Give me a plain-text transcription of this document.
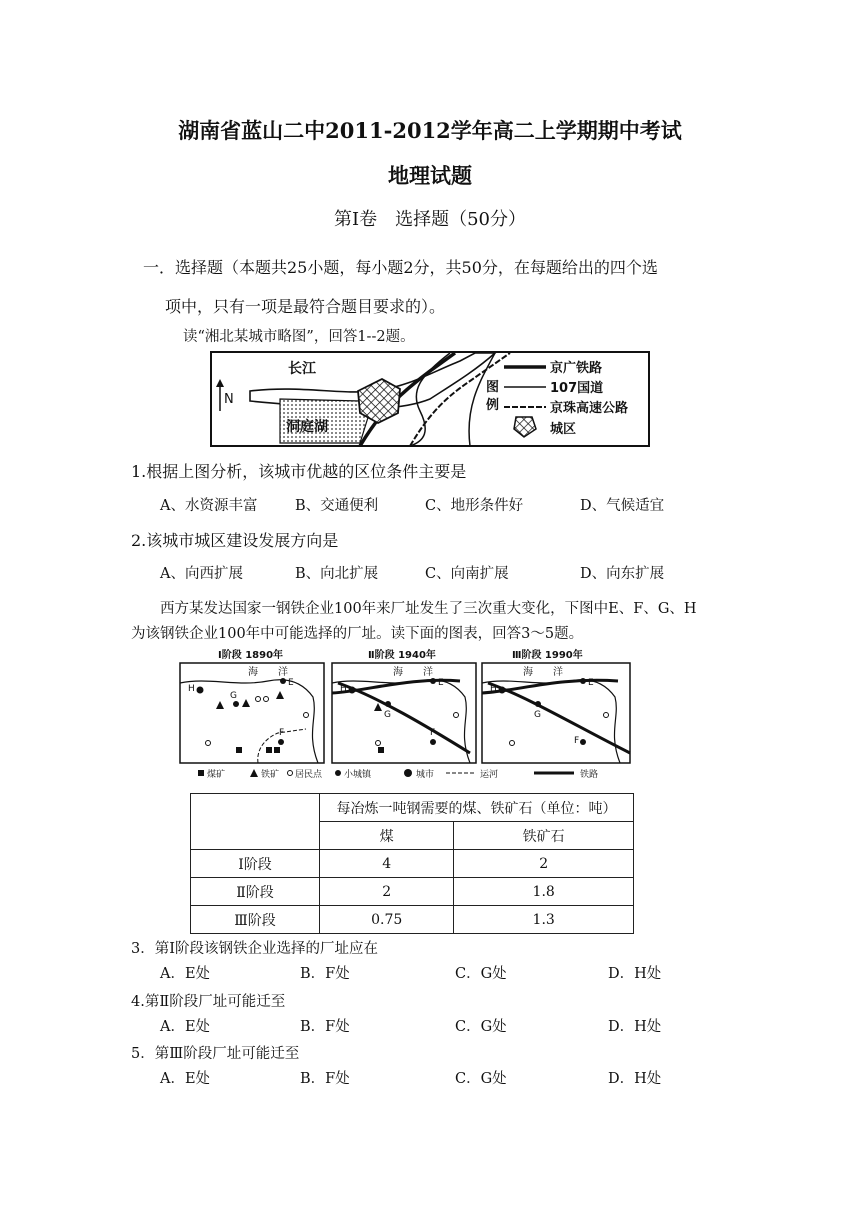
湖南省蓝山二中2011-2012学年高二上学期期中考试
地理试题
第Ⅰ卷　选择题（50分）
一．选择题（本题共25小题，每小题2分，共50分，在每题给出的四个选
项中，只有一项是最符合题目要求的）。
读“湘北某城市略图”，回答1--2题。
N
长江
洞庭湖
图
例
京广铁路
107国道
京珠高速公路
城区
1.根据上图分析，该城市优越的区位条件主要是
A、水资源丰富	B、交通便利	C、地形条件好	D、气候适宜
2.该城市城区建设发展方向是
A、向西扩展	B、向北扩展	C、向南扩展	D、向东扩展
西方某发达国家一钢铁企业100年来厂址发生了三次重大变化，下图中E、F、G、H
为该钢铁企业100年中可能选择的厂址。读下面的图表，回答3～5题。
Ⅰ阶段 1890年
海　　洋
H
E
G
F
Ⅱ阶段 1940年
海　　洋
H
E
G
F
Ⅲ阶段 1990年
海　　洋
H
E
G
F
煤矿	铁矿 居民点 小城镇	城市	运河	铁路
	每冶炼一吨钢需要的煤、铁矿石（单位：吨）	
	煤	铁矿石
Ⅰ阶段	4	2
Ⅱ阶段	2	1.8
Ⅲ阶段	0.75	1.3
3．第Ⅰ阶段该钢铁企业选择的厂址应在
A．E处	B．F处	C．G处	D．H处
4.第Ⅱ阶段厂址可能迁至
A．E处	B．F处	C．G处	D．H处
5．第Ⅲ阶段厂址可能迁至
A．E处	B．F处	C．G处	D．H处
